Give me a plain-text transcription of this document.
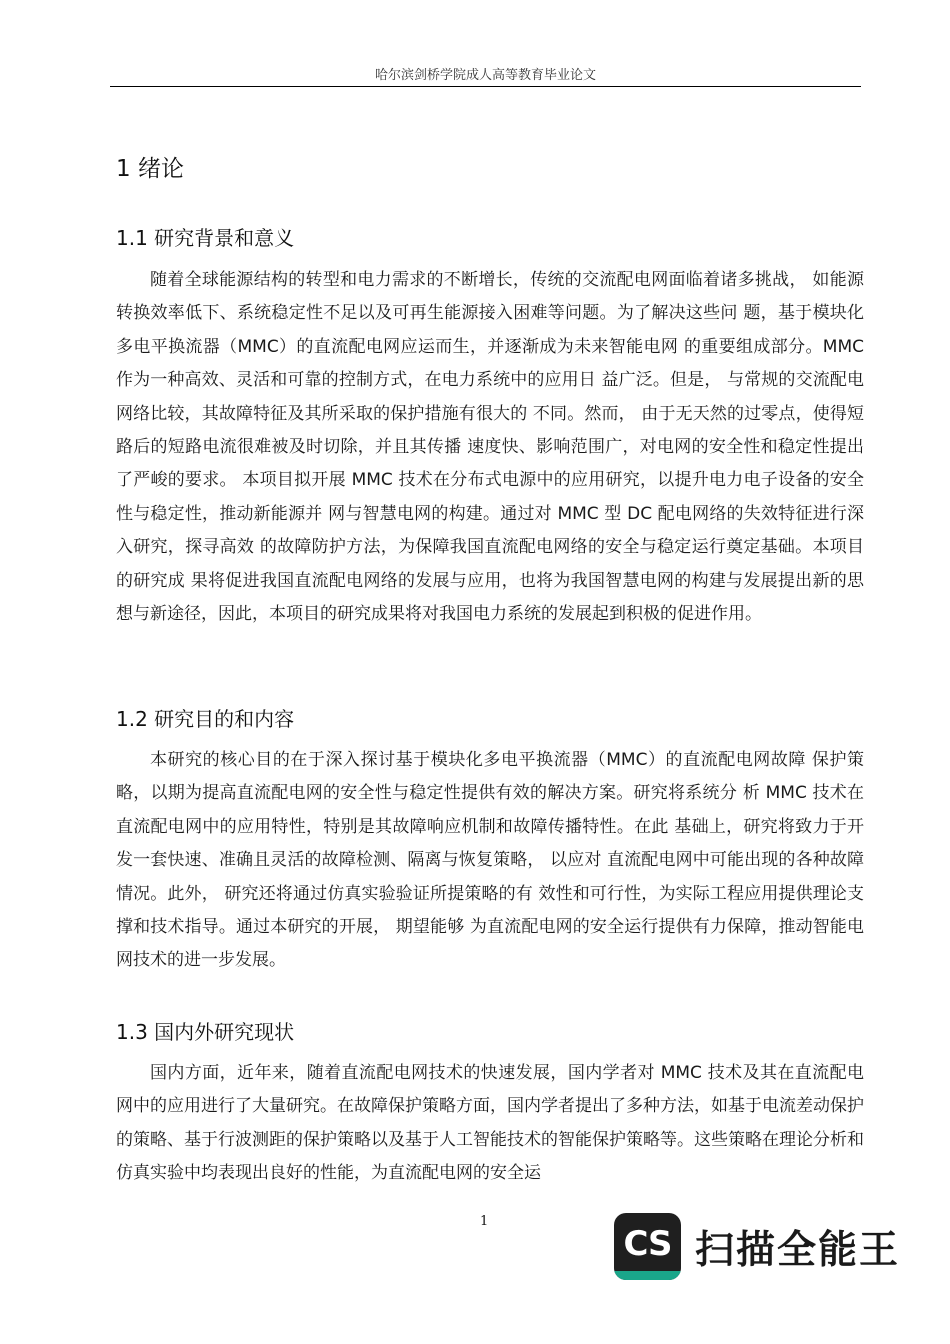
哈尔滨剑桥学院成人高等教育毕业论文
1 绪论
1.1 研究背景和意义

随着全球能源结构的转型和电力需求的不断增长，传统的交流配电网面临着诸多挑战， 如能源转换效率低下、系统稳定性不足以及可再生能源接入困难等问题。为了解决这些问 题，基于模块化多电平换流器（MMC）的直流配电网应运而生，并逐渐成为未来智能电网 的重要组成部分。MMC 作为一种高效、灵活和可靠的控制方式，在电力系统中的应用日 益广泛。但是， 与常规的交流配电网络比较，其故障特征及其所采取的保护措施有很大的 不同。然而， 由于无天然的过零点，使得短路后的短路电流很难被及时切除，并且其传播 速度快、影响范围广，对电网的安全性和稳定性提出了严峻的要求。 本项目拟开展 MMC 技术在分布式电源中的应用研究，以提升电力电子设备的安全性与稳定性，推动新能源并 网与智慧电网的构建。通过对 MMC 型 DC 配电网络的失效特征进行深入研究，探寻高效 的故障防护方法，为保障我国直流配电网络的安全与稳定运行奠定基础。本项目的研究成 果将促进我国直流配电网络的发展与应用，也将为我国智慧电网的构建与发展提出新的思 想与新途径，因此，本项目的研究成果将对我国电力系统的发展起到积极的促进作用。

1.2 研究目的和内容

本研究的核心目的在于深入探讨基于模块化多电平换流器（MMC）的直流配电网故障 保护策略，以期为提高直流配电网的安全性与稳定性提供有效的解决方案。研究将系统分 析 MMC 技术在直流配电网中的应用特性，特别是其故障响应机制和故障传播特性。在此 基础上，研究将致力于开发一套快速、准确且灵活的故障检测、隔离与恢复策略， 以应对 直流配电网中可能出现的各种故障情况。此外， 研究还将通过仿真实验验证所提策略的有 效性和可行性，为实际工程应用提供理论支撑和技术指导。通过本研究的开展， 期望能够 为直流配电网的安全运行提供有力保障，推动智能电网技术的进一步发展。

1.3 国内外研究现状

国内方面，近年来，随着直流配电网技术的快速发展，国内学者对 MMC 技术及其在直流配电网中的应用进行了大量研究。在故障保护策略方面，国内学者提出了多种方法，如基于电流差动保护的策略、基于行波测距的保护策略以及基于人工智能技术的智能保护策略等。这些策略在理论分析和仿真实验中均表现出良好的性能，为直流配电网的安全运

1
CS 扫描全能王
